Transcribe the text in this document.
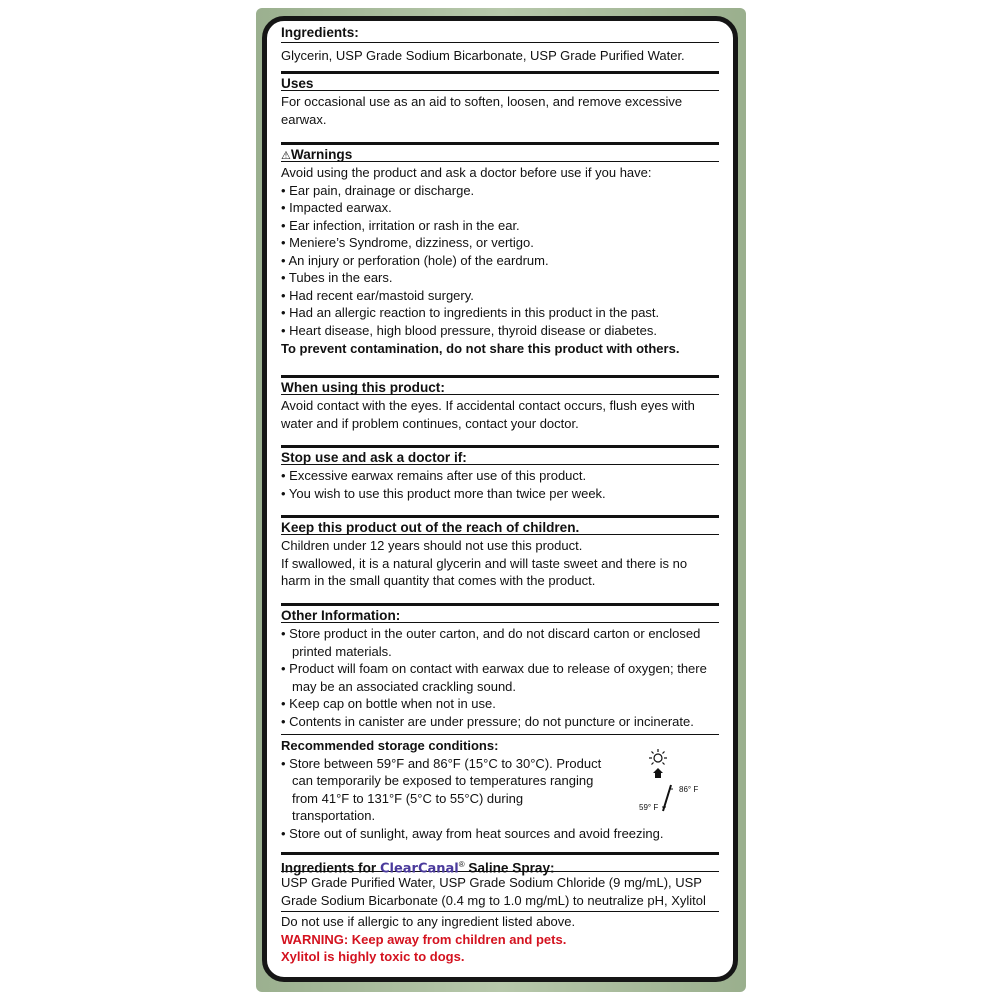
Ingredients:
Glycerin, USP Grade Sodium Bicarbonate, USP Grade Purified Water.
Uses
For occasional use as an aid to soften, loosen, and remove excessive earwax.
⚠Warnings
Avoid using the product and ask a doctor before use if you have:
• Ear pain, drainage or discharge.
• Impacted earwax.
• Ear infection, irritation or rash in the ear.
• Meniere’s Syndrome, dizziness, or vertigo.
• An injury or perforation (hole) of the eardrum.
• Tubes in the ears.
• Had recent ear/mastoid surgery.
• Had an allergic reaction to ingredients in this product in the past.
• Heart disease, high blood pressure, thyroid disease or diabetes.
To prevent contamination, do not share this product with others.
When using this product:
Avoid contact with the eyes. If accidental contact occurs, flush eyes with water and if problem continues, contact your doctor.
Stop use and ask a doctor if:
• Excessive earwax remains after use of this product.
• You wish to use this product more than twice per week.
Keep this product out of the reach of children.
Children under 12 years should not use this product.
If swallowed, it is a natural glycerin and will taste sweet and there is no harm in the small quantity that comes with the product.
Other Information:
• Store product in the outer carton, and do not discard carton or enclosed printed materials.
• Product will foam on contact with earwax due to release of oxygen; there may be an associated crackling sound.
• Keep cap on bottle when not in use.
• Contents in canister are under pressure; do not puncture or incinerate.
Recommended storage conditions:
• Store between 59°F and 86°F (15°C to 30°C). Product can temporarily be exposed to temperatures ranging from 41°F to 131°F (5°C to 55°C) during transportation.
• Store out of sunlight, away from heat sources and avoid freezing.
86° F
59° F
Ingredients for ClearCanal® Saline Spray:
USP Grade Purified Water, USP Grade Sodium Chloride (9 mg/mL), USP Grade Sodium Bicarbonate (0.4 mg to 1.0 mg/mL) to neutralize pH, Xylitol
Do not use if allergic to any ingredient listed above.
WARNING: Keep away from children and pets.
Xylitol is highly toxic to dogs.
